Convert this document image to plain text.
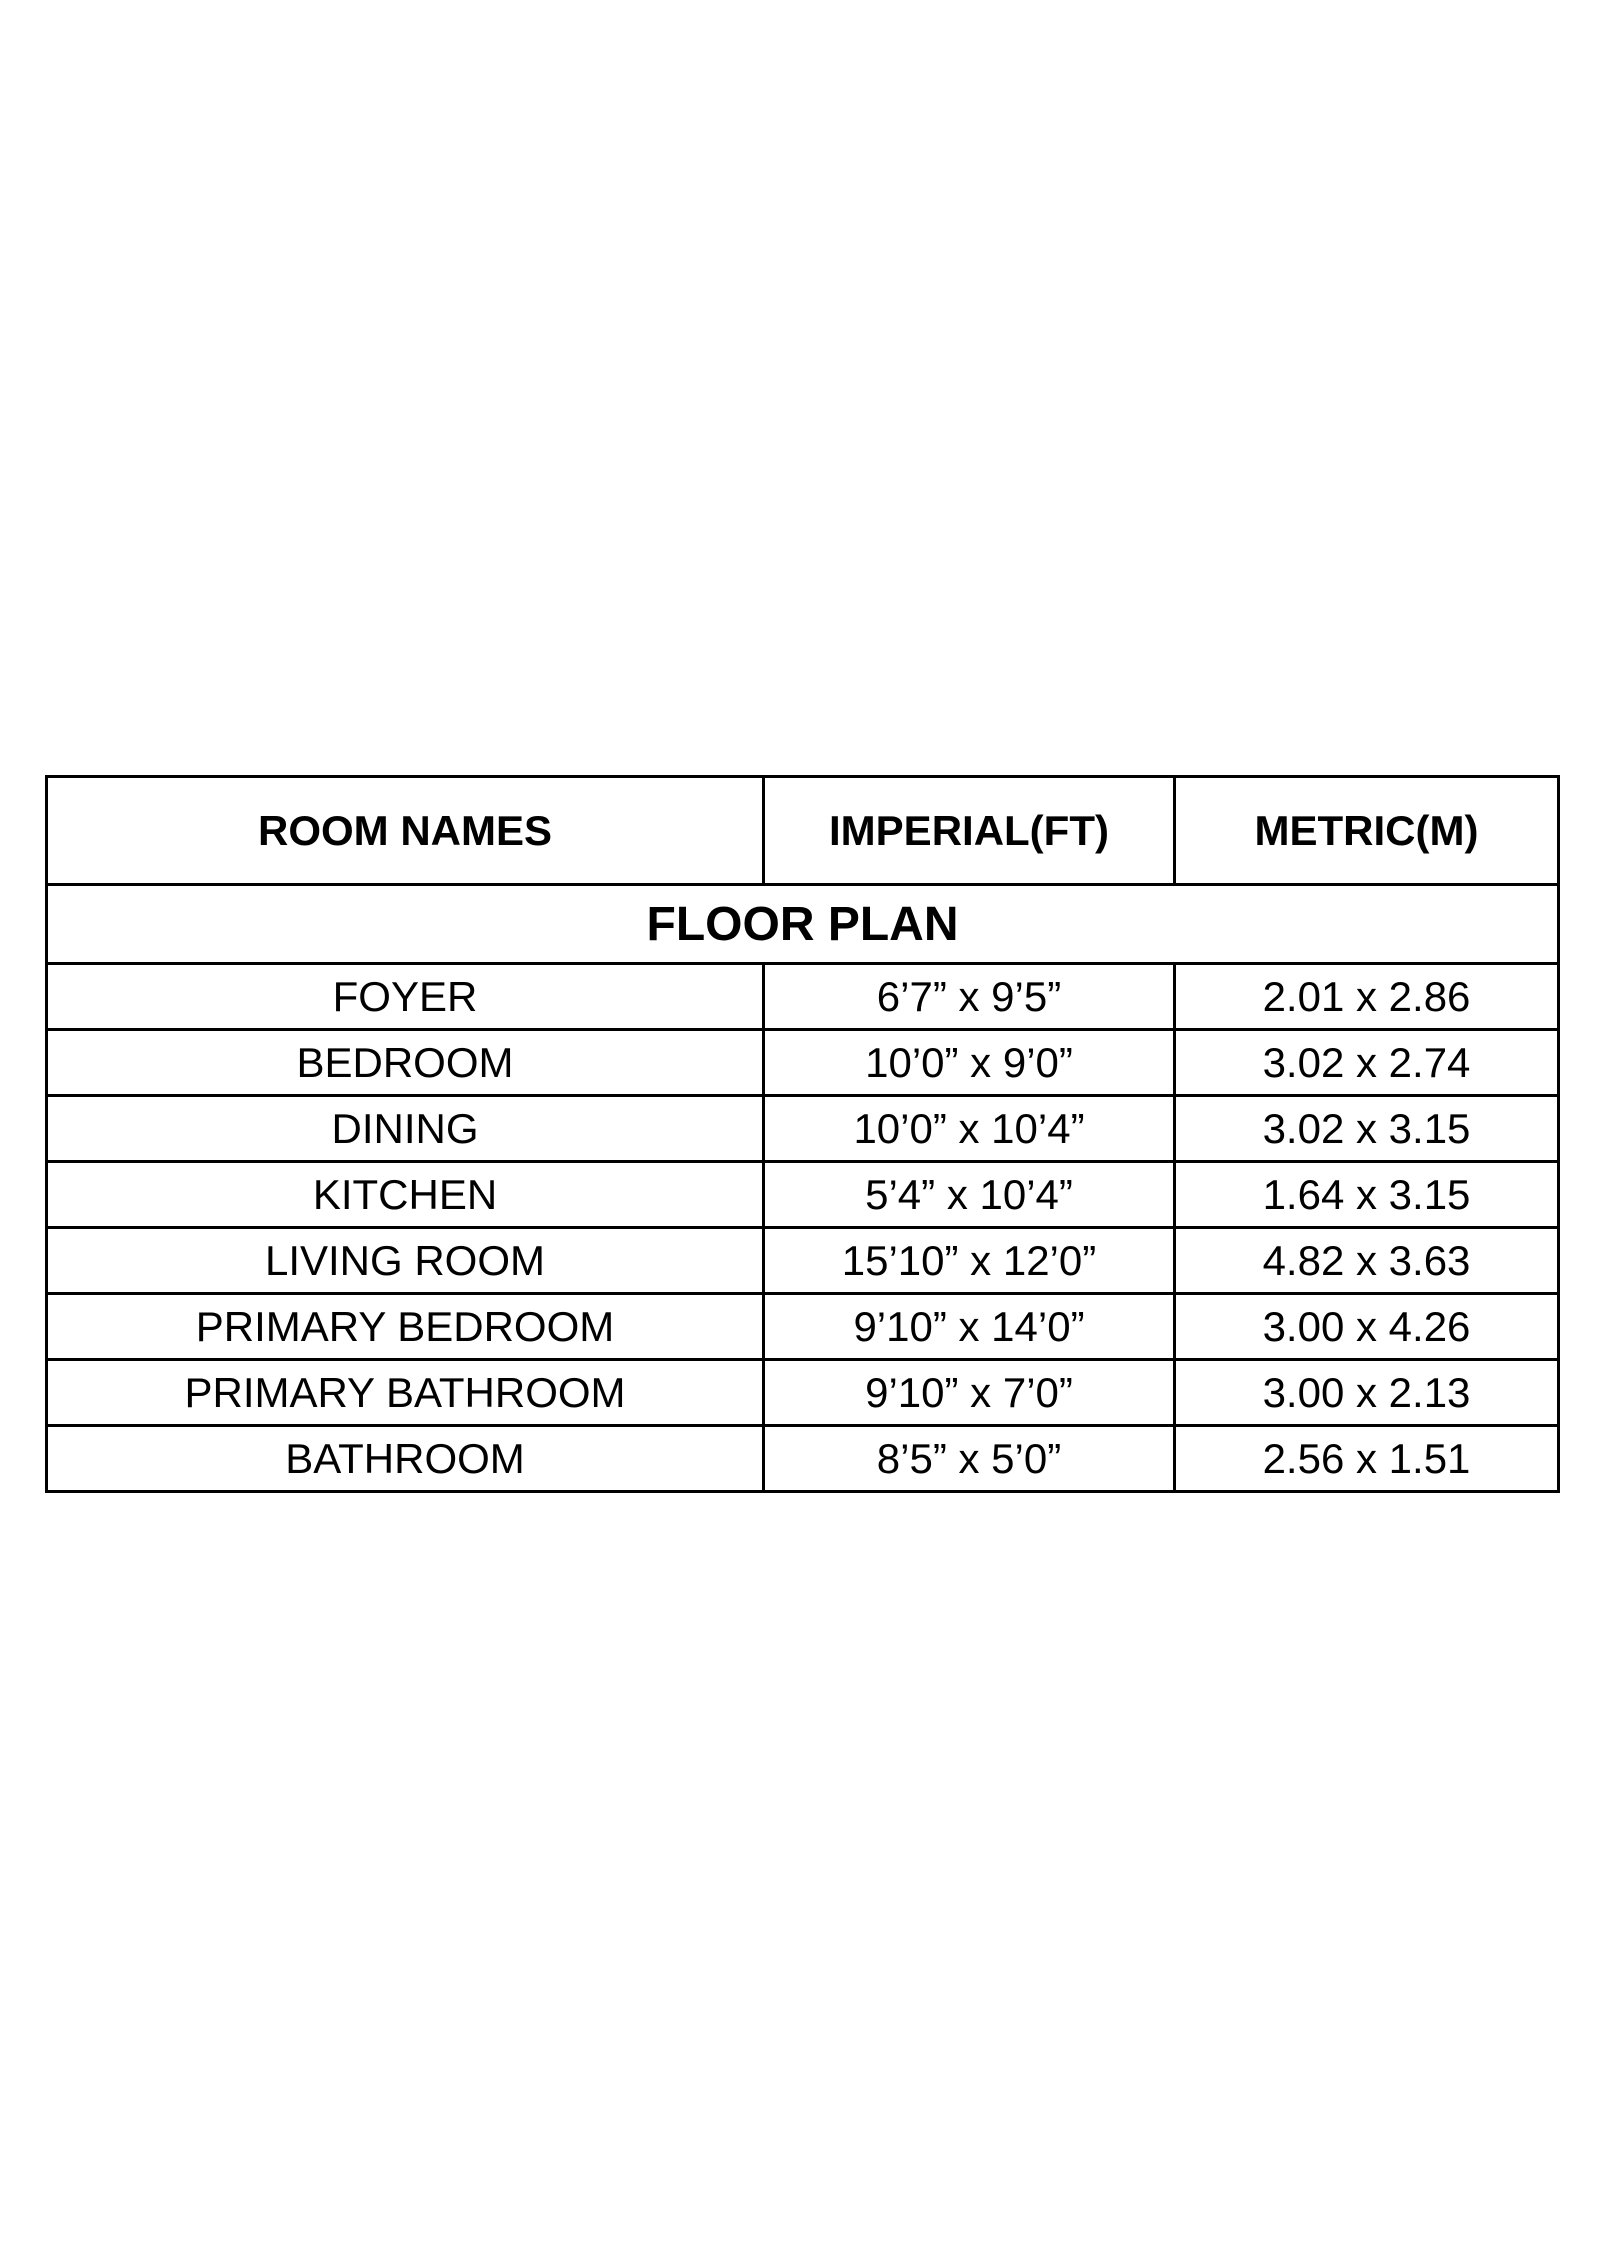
ROOM NAMES	IMPERIAL(FT)	METRIC(M)
FLOOR PLAN		
FOYER	6’7” x 9’5”	2.01 x 2.86
BEDROOM	10’0” x 9’0”	3.02 x 2.74
DINING	10’0” x 10’4”	3.02 x 3.15
KITCHEN	5’4” x 10’4”	1.64 x 3.15
LIVING ROOM	15’10” x 12’0”	4.82 x 3.63
PRIMARY BEDROOM	9’10” x 14’0”	3.00 x 4.26
PRIMARY BATHROOM	9’10” x 7’0”	3.00 x 2.13
BATHROOM	8’5” x 5’0”	2.56 x 1.51
